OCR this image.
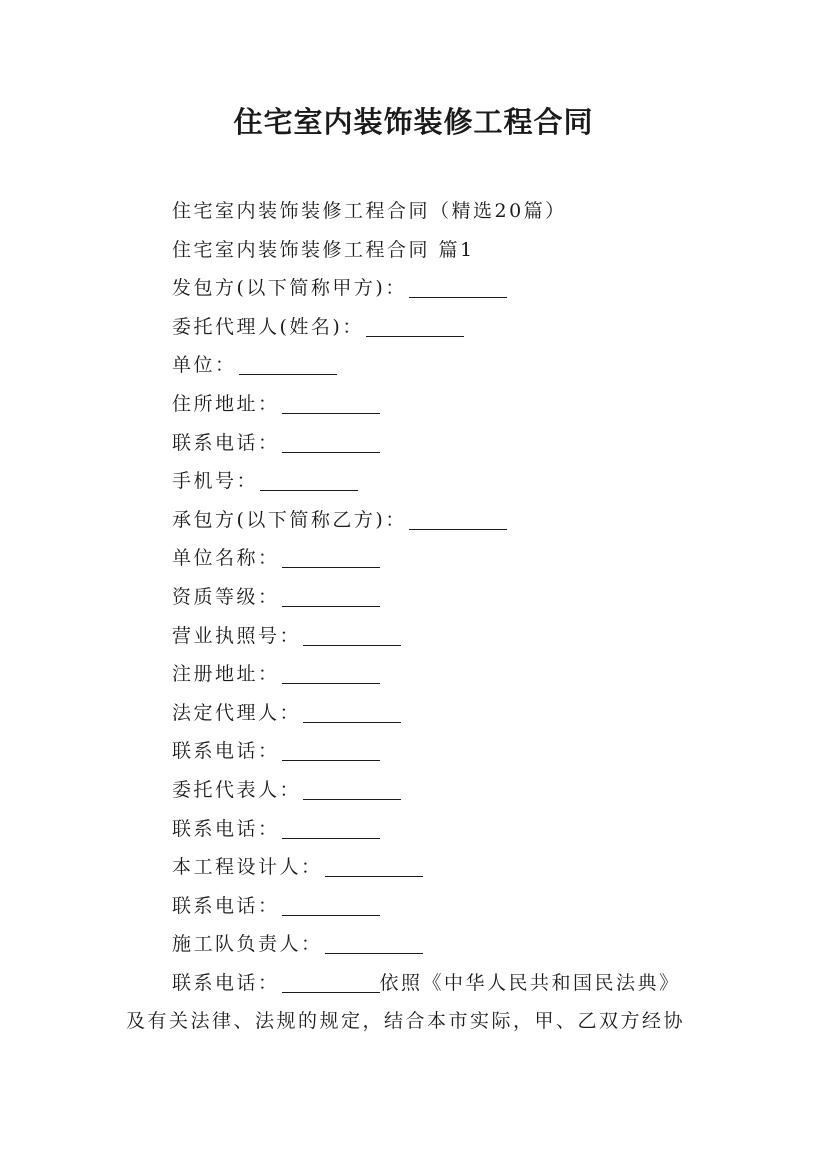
住宅室内装饰装修工程合同
住宅室内装饰装修工程合同（精选20篇）
住宅室内装饰装修工程合同 篇1
发包方(以下简称甲方)：
委托代理人(姓名)：
单位：
住所地址：
联系电话：
手机号：
承包方(以下简称乙方)：
单位名称：
资质等级：
营业执照号：
注册地址：
法定代理人：
联系电话：
委托代表人：
联系电话：
本工程设计人：
联系电话：
施工队负责人：
联系电话：	依照《中华人民共和国民法典》
及有关法律、法规的规定，结合本市实际，甲、乙双方经协
